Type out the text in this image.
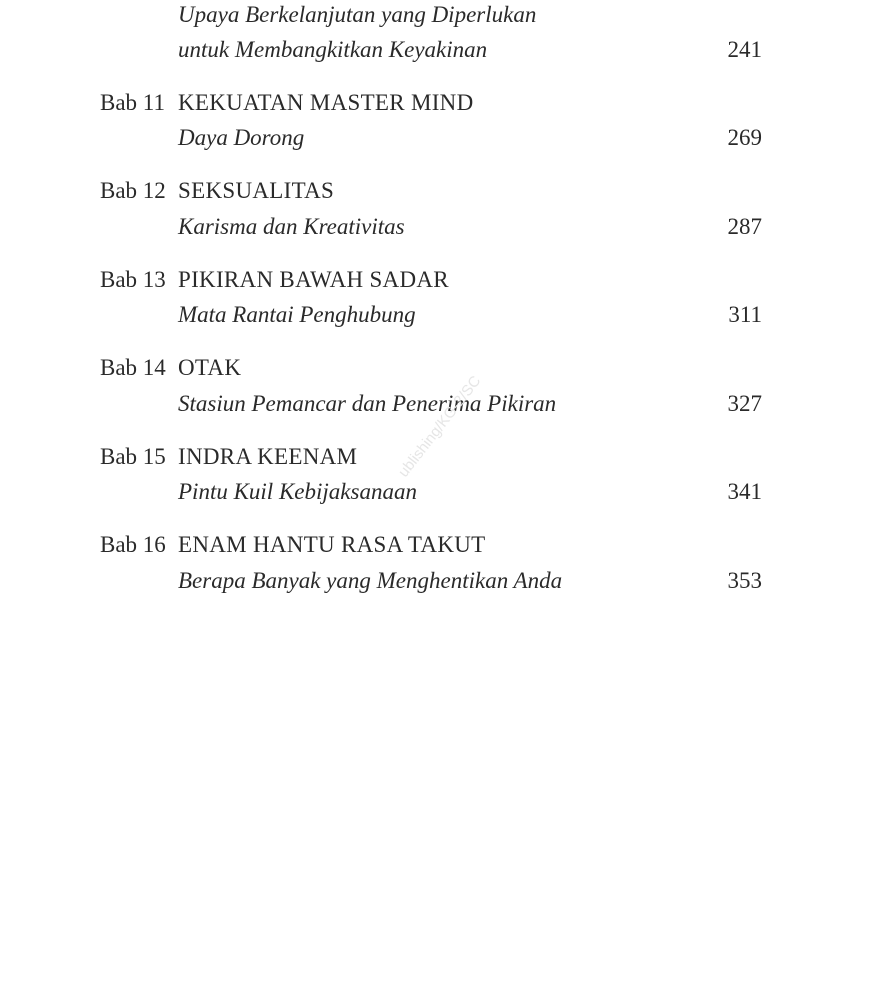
Upaya Berkelanjutan yang Diperlukan
untuk Membangkitkan Keyakinan	241
Bab 11 KEKUATAN MASTER MIND
Daya Dorong	269
Bab 12 SEKSUALITAS
Karisma dan Kreativitas	287
Bab 13 PIKIRAN BAWAH SADAR
Mata Rantai Penghubung	311
Bab 14 OTAK
Stasiun Pemancar dan Penerima Pikiran	327
Bab 15 INDRA KEENAM
Pintu Kuil Kebijaksanaan	341
Bab 16 ENAM HANTU RASA TAKUT
Berapa Banyak yang Menghentikan Anda	353
ublishing/KG-2/SC
